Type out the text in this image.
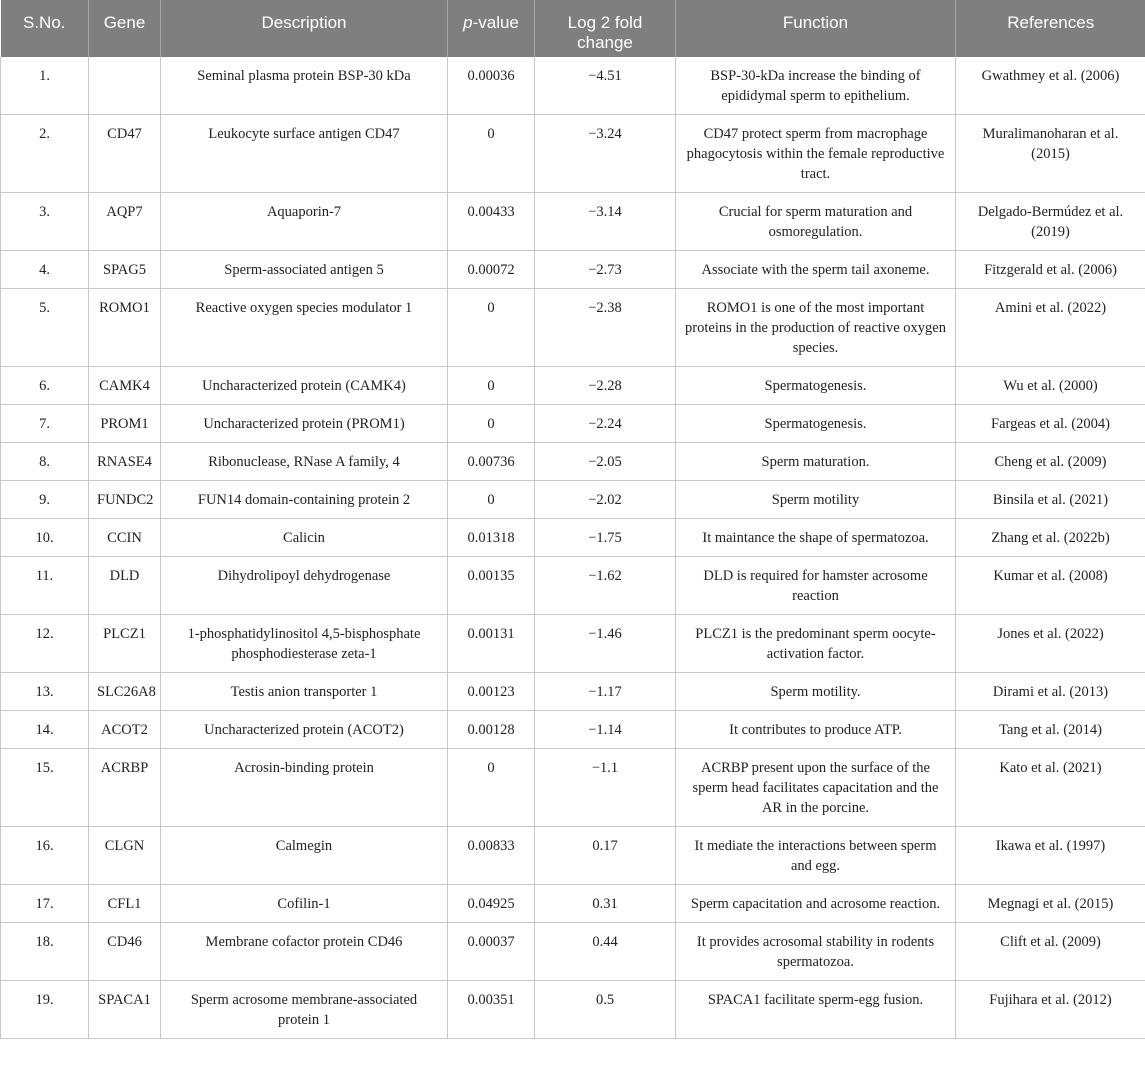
S.No.	Gene	Description	p-value	Log 2 fold change	Function	References
1.		Seminal plasma protein BSP-30 kDa	0.00036	−4.51	BSP-30-kDa increase the binding of epididymal sperm to epithelium.	Gwathmey et al. (2006)
2.	CD47	Leukocyte surface antigen CD47	0	−3.24	CD47 protect sperm from macrophage phagocytosis within the female reproductive tract.	Muralimanoharan et al. (2015)
3.	AQP7	Aquaporin-7	0.00433	−3.14	Crucial for sperm maturation and osmoregulation.	Delgado-Bermúdez et al. (2019)
4.	SPAG5	Sperm-associated antigen 5	0.00072	−2.73	Associate with the sperm tail axoneme.	Fitzgerald et al. (2006)
5.	ROMO1	Reactive oxygen species modulator 1	0	−2.38	ROMO1 is one of the most important proteins in the production of reactive oxygen species.	Amini et al. (2022)
6.	CAMK4	Uncharacterized protein (CAMK4)	0	−2.28	Spermatogenesis.	Wu et al. (2000)
7.	PROM1	Uncharacterized protein (PROM1)	0	−2.24	Spermatogenesis.	Fargeas et al. (2004)
8.	RNASE4	Ribonuclease, RNase A family, 4	0.00736	−2.05	Sperm maturation.	Cheng et al. (2009)
9.	FUNDC2	FUN14 domain-containing protein 2	0	−2.02	Sperm motility	Binsila et al. (2021)
10.	CCIN	Calicin	0.01318	−1.75	It maintance the shape of spermatozoa.	Zhang et al. (2022b)
11.	DLD	Dihydrolipoyl dehydrogenase	0.00135	−1.62	DLD is required for hamster acrosome reaction	Kumar et al. (2008)
12.	PLCZ1	1-phosphatidylinositol 4,5-bisphosphate phosphodiesterase zeta-1	0.00131	−1.46	PLCZ1 is the predominant sperm oocyte-activation factor.	Jones et al. (2022)
13.	SLC26A8	Testis anion transporter 1	0.00123	−1.17	Sperm motility.	Dirami et al. (2013)
14.	ACOT2	Uncharacterized protein (ACOT2)	0.00128	−1.14	It contributes to produce ATP.	Tang et al. (2014)
15.	ACRBP	Acrosin-binding protein	0	−1.1	ACRBP present upon the surface of the sperm head facilitates capacitation and the AR in the porcine.	Kato et al. (2021)
16.	CLGN	Calmegin	0.00833	0.17	It mediate the interactions between sperm and egg.	Ikawa et al. (1997)
17.	CFL1	Cofilin-1	0.04925	0.31	Sperm capacitation and acrosome reaction.	Megnagi et al. (2015)
18.	CD46	Membrane cofactor protein CD46	0.00037	0.44	It provides acrosomal stability in rodents spermatozoa.	Clift et al. (2009)
19.	SPACA1	Sperm acrosome membrane-associated protein 1	0.00351	0.5	SPACA1 facilitate sperm-egg fusion.	Fujihara et al. (2012)
